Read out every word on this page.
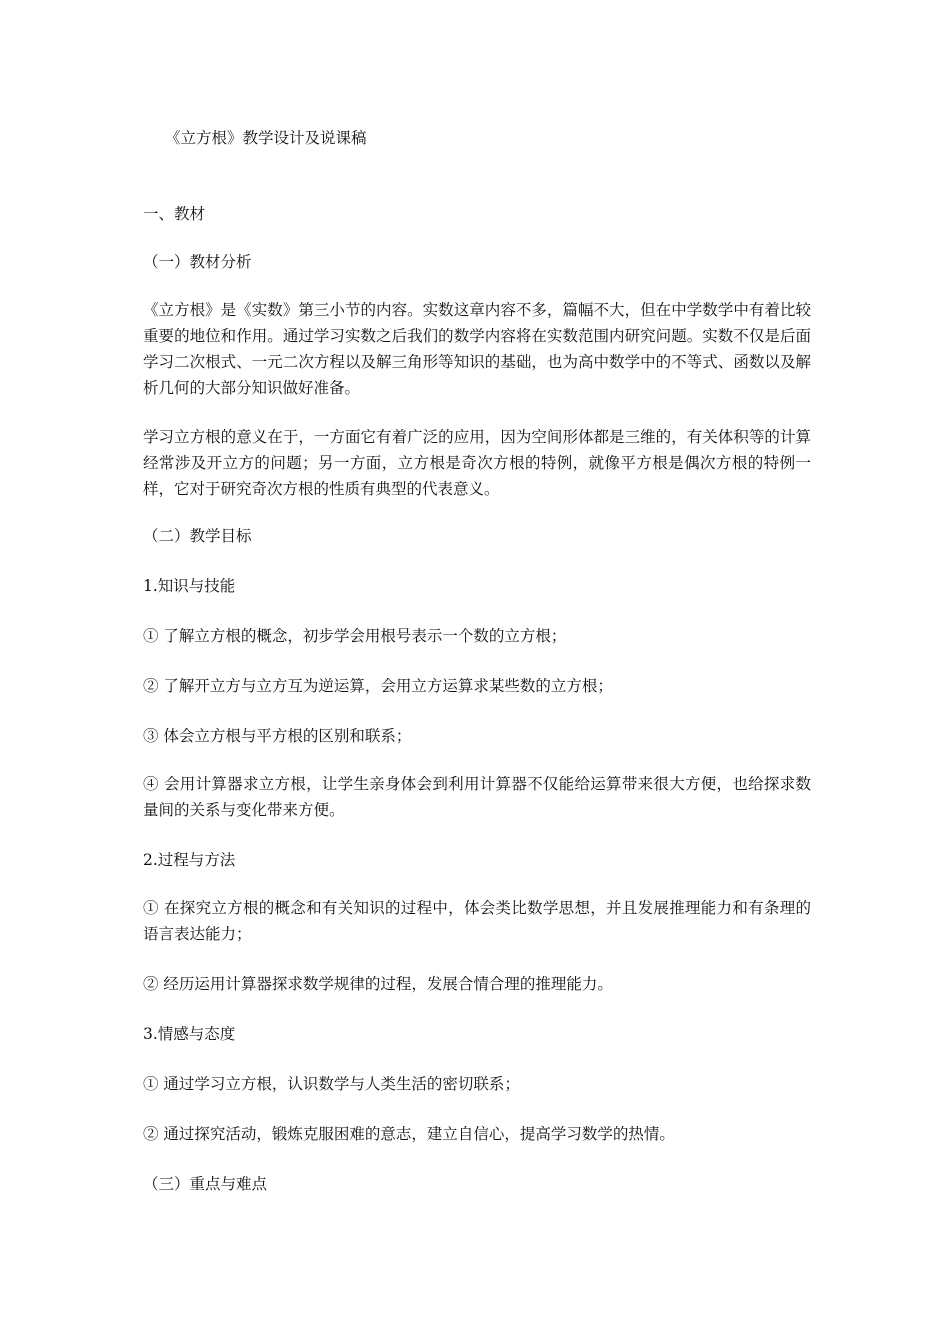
《立方根》教学设计及说课稿
一、教材
（一）教材分析
《立方根》是《实数》第三小节的内容。实数这章内容不多，篇幅不大，但在中学数学中有着比较重要的地位和作用。通过学习实数之后我们的数学内容将在实数范围内研究问题。实数不仅是后面学习二次根式、一元二次方程以及解三角形等知识的基础，也为高中数学中的不等式、函数以及解析几何的大部分知识做好准备。
学习立方根的意义在于，一方面它有着广泛的应用，因为空间形体都是三维的，有关体积等的计算经常涉及开立方的问题；另一方面，立方根是奇次方根的特例，就像平方根是偶次方根的特例一样，它对于研究奇次方根的性质有典型的代表意义。
（二）教学目标
1.知识与技能
① 了解立方根的概念，初步学会用根号表示一个数的立方根；
② 了解开立方与立方互为逆运算，会用立方运算求某些数的立方根；
③ 体会立方根与平方根的区别和联系；
④ 会用计算器求立方根，让学生亲身体会到利用计算器不仅能给运算带来很大方便，也给探求数量间的关系与变化带来方便。
2.过程与方法
① 在探究立方根的概念和有关知识的过程中，体会类比数学思想，并且发展推理能力和有条理的语言表达能力；
② 经历运用计算器探求数学规律的过程，发展合情合理的推理能力。
3.情感与态度
① 通过学习立方根，认识数学与人类生活的密切联系；
② 通过探究活动，锻炼克服困难的意志，建立自信心，提高学习数学的热情。
（三）重点与难点
